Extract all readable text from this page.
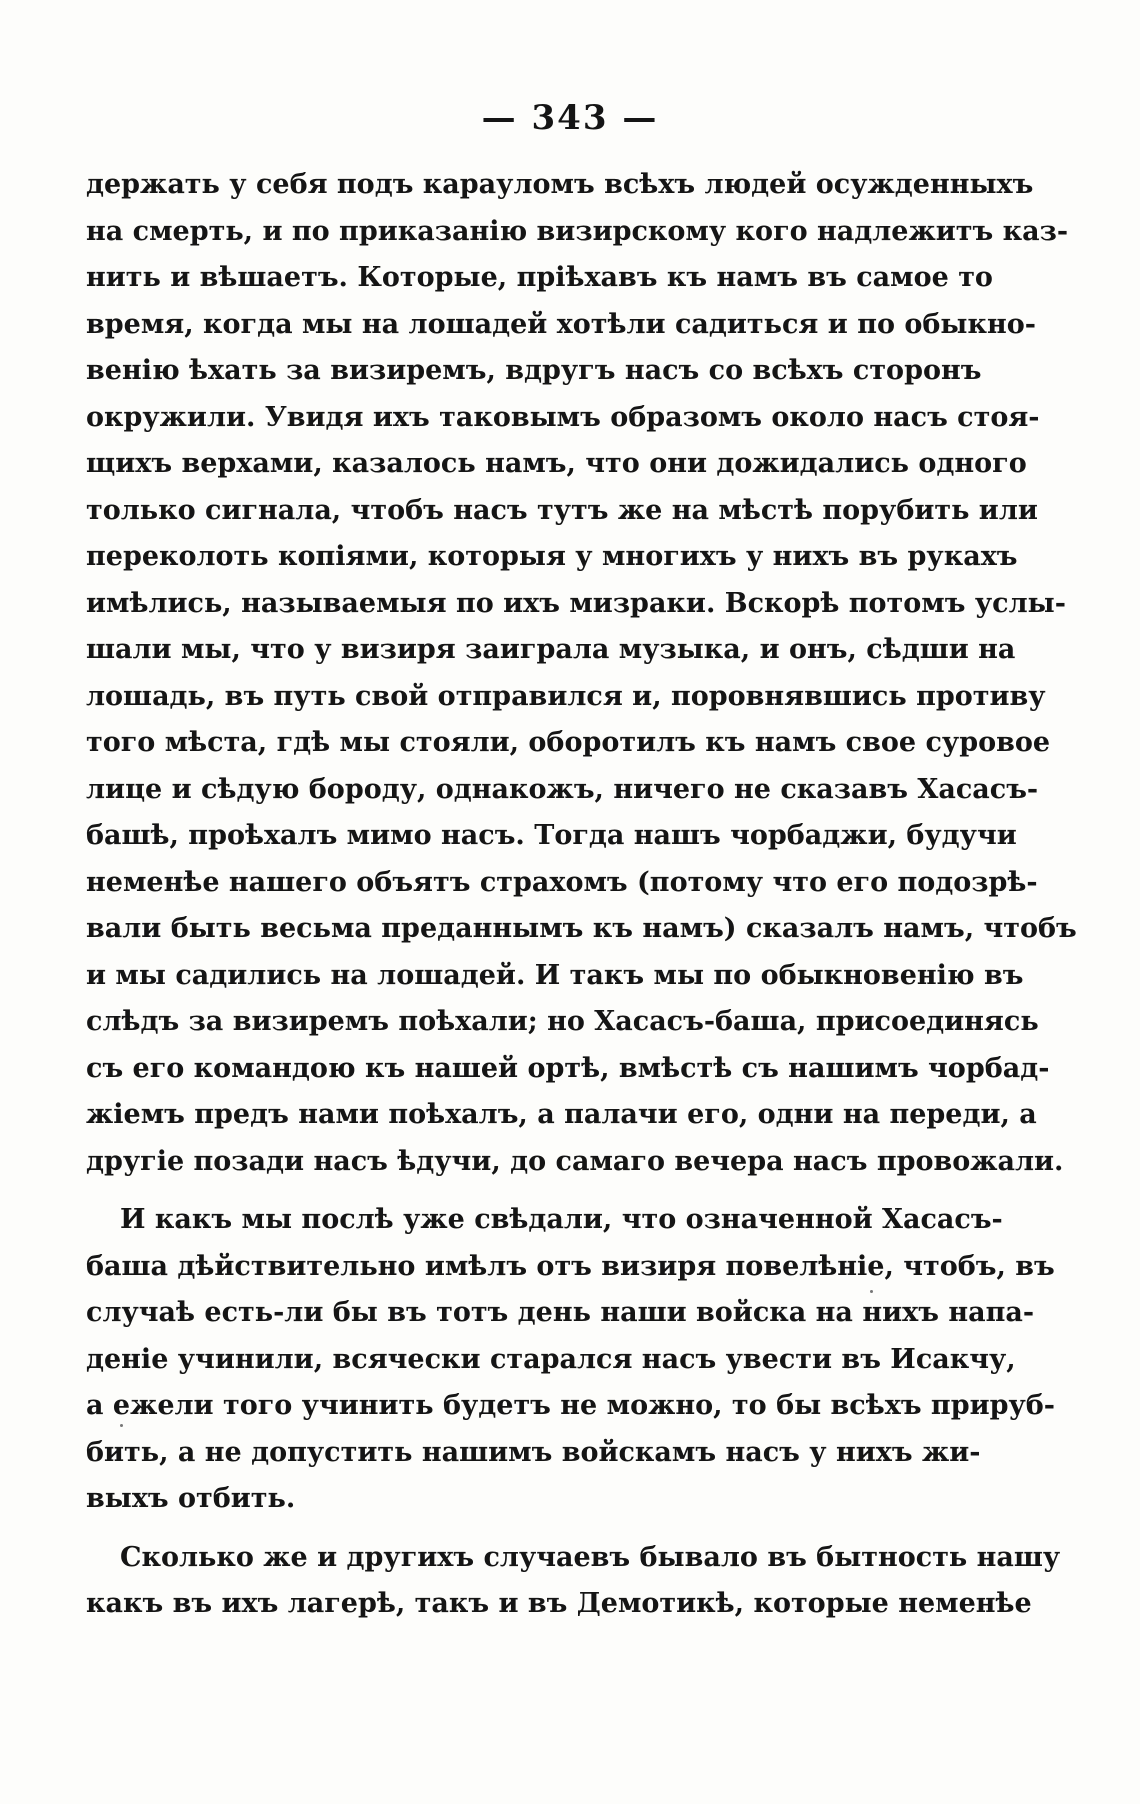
— 343 —
держать у себя подъ карауломъ всѣхъ людей осужденныхъ
на смерть, и по приказанію визирскому кого надлежитъ каз-
нить и вѣшаетъ. Которые, пріѣхавъ къ намъ въ самое то
время, когда мы на лошадей хотѣли садиться и по обыкно-
венію ѣхать за визиремъ, вдругъ насъ со всѣхъ сторонъ
окружили. Увидя ихъ таковымъ образомъ около насъ стоя-
щихъ верхами, казалось намъ, что они дожидались одного
только сигнала, чтобъ насъ тутъ же на мѣстѣ порубить или
переколоть копіями, которыя у многихъ у нихъ въ рукахъ
имѣлись, называемыя по ихъ мизраки. Вскорѣ потомъ услы-
шали мы, что у визиря заиграла музыка, и онъ, сѣдши на
лошадь, въ путь свой отправился и, поровнявшись противу
того мѣста, гдѣ мы стояли, оборотилъ къ намъ свое суровое
лице и сѣдую бороду, однакожъ, ничего не сказавъ Хасасъ-
башѣ, проѣхалъ мимо насъ. Тогда нашъ чорбаджи, будучи
неменѣе нашего объятъ страхомъ (потому что его подозрѣ-
вали быть весьма преданнымъ къ намъ) сказалъ намъ, чтобъ
и мы садились на лошадей. И такъ мы по обыкновенію въ
слѣдъ за визиремъ поѣхали; но Хасасъ-баша, присоединясь
съ его командою къ нашей ортѣ, вмѣстѣ съ нашимъ чорбад-
жіемъ предъ нами поѣхалъ, а палачи его, одни на переди, а
другіе позади насъ ѣдучи, до самаго вечера насъ провожали.
И какъ мы послѣ уже свѣдали, что означенной Хасасъ-
баша дѣйствительно имѣлъ отъ визиря повелѣніе, чтобъ, въ
случаѣ есть-ли бы въ тотъ день наши войска на нихъ напа-
деніе учинили, всячески старался насъ увести въ Исакчу,
а ежели того учинить будетъ не можно, то бы всѣхъ прируб-
бить, а не допустить нашимъ войскамъ насъ у нихъ жи-
выхъ отбить.
Сколько же и другихъ случаевъ бывало въ бытность нашу
какъ въ ихъ лагерѣ, такъ и въ Демотикѣ, которые неменѣе
